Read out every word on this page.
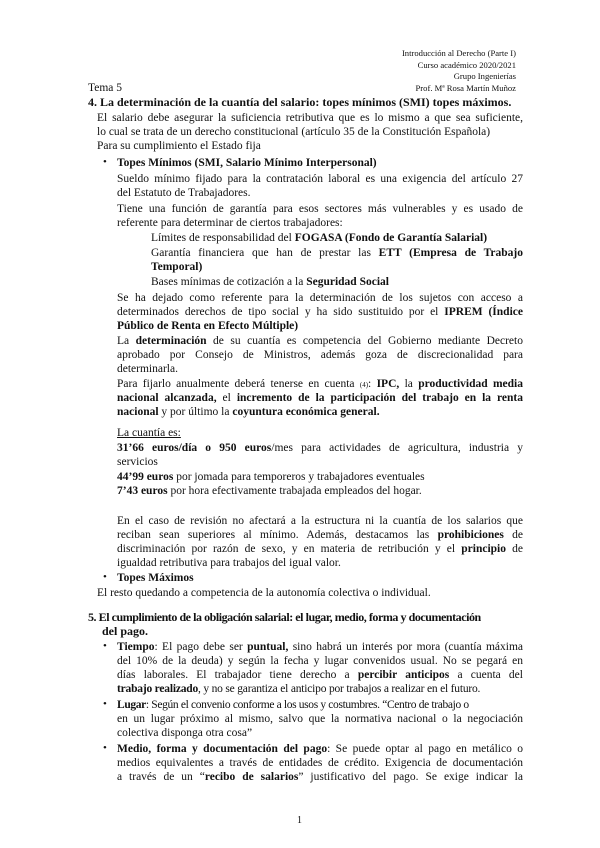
Introducción al Derecho (Parte I)
Curso académico 2020/2021
Grupo Ingenierías
Prof. Mª Rosa Martín Muñoz
Tema 5
4. La determinación de la cuantía del salario: topes mínimos (SMI) topes máximos.
El salario debe asegurar la suficiencia retributiva que es lo mismo a que sea suficiente,
lo cual se trata de un derecho constitucional (artículo 35 de la Constitución Española)
Para su cumplimiento el Estado fija
• Topes Mínimos (SMI, Salario Mínimo Interpersonal)
Sueldo mínimo fijado para la contratación laboral es una exigencia del artículo 27
del Estatuto de Trabajadores.
Tiene una función de garantía para esos sectores más vulnerables y es usado de
referente para determinar de ciertos trabajadores:
Límites de responsabilidad del FOGASA (Fondo de Garantía Salarial)
Garantía financiera que han de prestar las ETT (Empresa de Trabajo
Temporal)
Bases mínimas de cotización a la Seguridad Social
Se ha dejado como referente para la determinación de los sujetos con acceso a
determinados derechos de tipo social y ha sido sustituido por el IPREM (Índice
Público de Renta en Efecto Múltiple)
La determinación de su cuantía es competencia del Gobierno mediante Decreto
aprobado por Consejo de Ministros, además goza de discrecionalidad para
determinarla.
Para fijarlo anualmente deberá tenerse en cuenta (4): IPC, la productividad media
nacional alcanzada, el incremento de la participación del trabajo en la renta
nacional y por último la coyuntura económica general.
La cuantía es:
31’66 euros/día o 950 euros/mes para actividades de agricultura, industria y
servicios
44’99 euros por jomada para temporeros y trabajadores eventuales
7’43 euros por hora efectivamente trabajada empleados del hogar.
En el caso de revisión no afectará a la estructura ni la cuantía de los salarios que
reciban sean superiores al mínimo. Además, destacamos las prohibiciones de
discriminación por razón de sexo, y en materia de retribución y el principio de
igualdad retributiva para trabajos del igual valor.
• Topes Máximos
El resto quedando a competencia de la autonomía colectiva o individual.
5. El cumplimiento de la obligación salarial: el lugar, medio, forma y documentación
del pago.
• Tiempo: El pago debe ser puntual, sino habrá un interés por mora (cuantía máxima
del 10% de la deuda) y según la fecha y lugar convenidos usual. No se pegará en
días laborales. El trabajador tiene derecho a percibir anticipos a cuenta del
trabajo realizado, y no se garantiza el anticipo por trabajos a realizar en el futuro.
• Lugar: Según el convenio conforme a los usos y costumbres. “Centro de trabajo o
en un lugar próximo al mismo, salvo que la normativa nacional o la negociación
colectiva disponga otra cosa”
• Medio, forma y documentación del pago: Se puede optar al pago en metálico o
medios equivalentes a través de entidades de crédito. Exigencia de documentación
a través de un “recibo de salarios” justificativo del pago. Se exige indicar la
1
